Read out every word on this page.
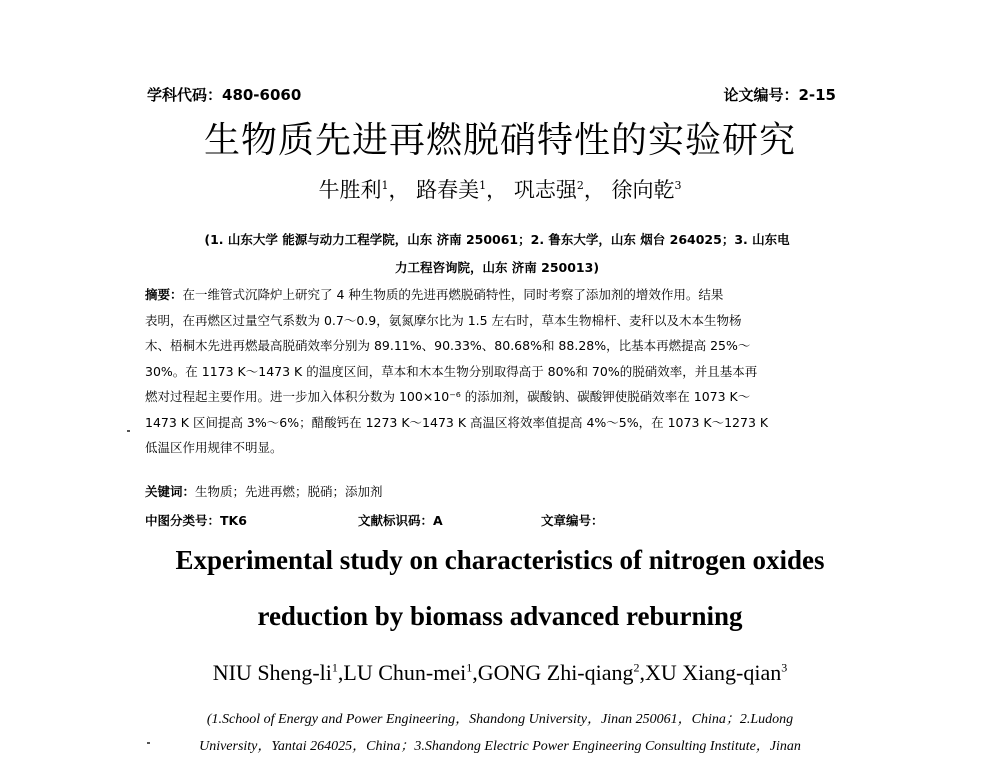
学科代码：480-6060	论文编号：2-15
生物质先进再燃脱硝特性的实验研究
牛胜利$^1$， 路春美$^1$， 巩志强$^2$， 徐向乾$^3$
(1. 山东大学 能源与动力工程学院，山东 济南 250061；2. 鲁东大学，山东 烟台 264025；3. 山东电
力工程咨询院，山东 济南 250013)
摘要：在一维管式沉降炉上研究了 4 种生物质的先进再燃脱硝特性，同时考察了添加剂的增效作用。结果
表明，在再燃区过量空气系数为 0.7～0.9，氨氮摩尔比为 1.5 左右时，草本生物棉杆、麦秆以及木本生物杨
木、梧桐木先进再燃最高脱硝效率分别为 89.11%、90.33%、80.68%和 88.28%，比基本再燃提高 25%～
30%。在 1173 K～1473 K 的温度区间，草本和木本生物分别取得高于 80%和 70%的脱硝效率，并且基本再
燃对过程起主要作用。进一步加入体积分数为 100×10⁻⁶ 的添加剂，碳酸钠、碳酸钾使脱硝效率在 1073 K～
1473 K 区间提高 3%～6%；醋酸钙在 1273 K～1473 K 高温区将效率值提高 4%～5%，在 1073 K～1273 K
低温区作用规律不明显。
关键词：生物质；先进再燃；脱硝；添加剂
中图分类号：TK6	文献标识码：A	文章编号：
Experimental study on characteristics of nitrogen oxides
reduction by biomass advanced reburning
NIU Sheng-$li^1,LU$ Chun-mei$^1$,GONG Zhi-qiang$^2$,XU Xiang-qian$^3$
(1.School of Energy and Power Engineering，Shandong University，Jinan 250061，China；2.Ludong
University，Yantai 264025，China；3.Shandong Electric Power Engineering Consulting Institute，Jinan
